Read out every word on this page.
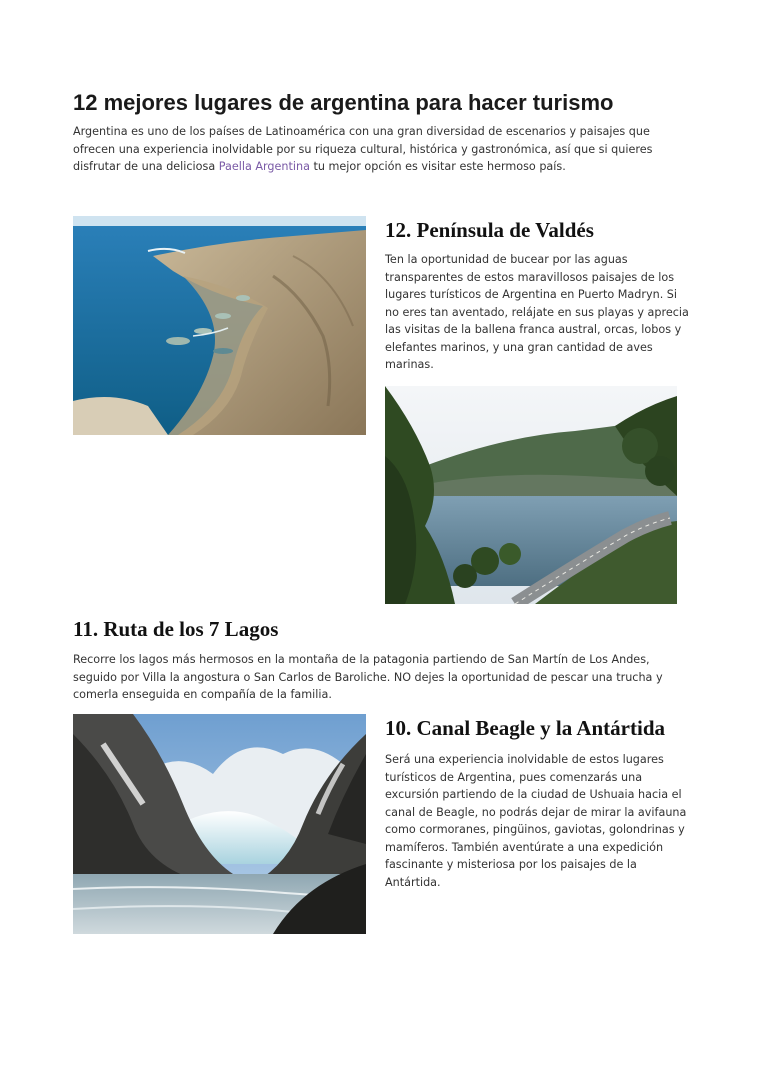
12 mejores lugares de argentina para hacer turismo

Argentina es uno de los países de Latinoamérica con una gran diversidad de escenarios y paisajes que ofrecen una experiencia inolvidable por su riqueza cultural, histórica y gastronómica, así que si quieres disfrutar de una deliciosa Paella Argentina tu mejor opción es visitar este hermoso país.

12. Península de Valdés

Ten la oportunidad de bucear por las aguas transparentes de estos maravillosos paisajes de los lugares turísticos de Argentina en Puerto Madryn. Si no eres tan aventado, relájate en sus playas y aprecia las visitas de la ballena franca austral, orcas, lobos y elefantes marinos, y una gran cantidad de aves marinas.

11. Ruta de los 7 Lagos

Recorre los lagos más hermosos en la montaña de la patagonia partiendo de San Martín de Los Andes, seguido por Villa la angostura o San Carlos de Baroliche. NO dejes la oportunidad de pescar una trucha y comerla enseguida en compañía de la familia.

10. Canal Beagle y la Antártida

Será una experiencia inolvidable de estos lugares turísticos de Argentina, pues comenzarás una excursión partiendo de la ciudad de Ushuaia hacia el canal de Beagle, no podrás dejar de mirar la avifauna como cormoranes, pingüinos, gaviotas, golondrinas y mamíferos. También aventúrate a una expedición fascinante y misteriosa por los paisajes de la Antártida.
